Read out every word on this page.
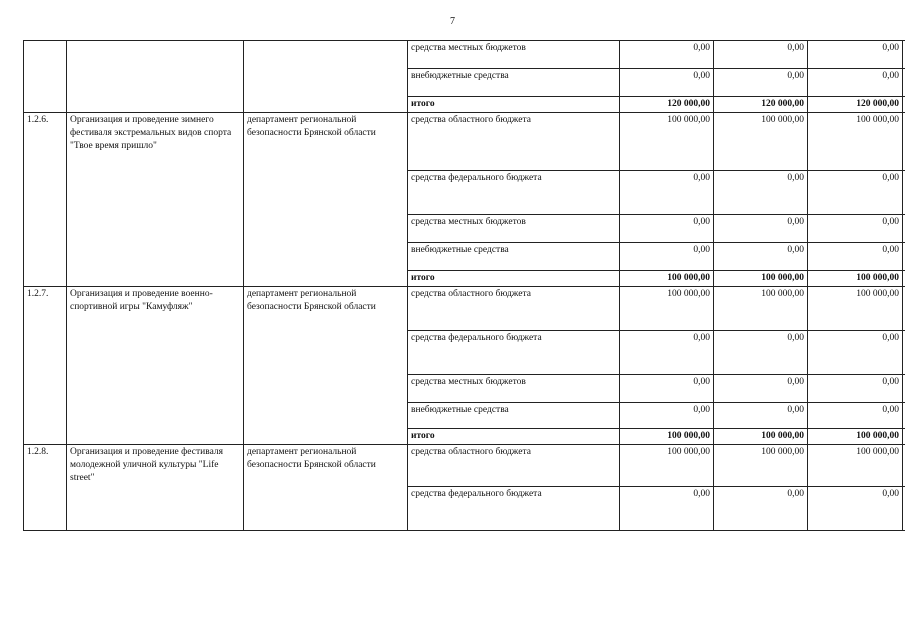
7
			средства местных бюджетов	0,00	0,00	0,00	
			внебюджетные средства	0,00	0,00	0,00	
			итого	120 000,00	120 000,00	120 000,00	
1.2.6.	Организация и проведение зимнего фестиваля экстремальных видов спорта "Твое время пришло"	департамент региональной безопасности Брянской области	средства областного бюджета	100 000,00	100 000,00	100 000,00	
			средства федерального бюджета	0,00	0,00	0,00	
			средства местных бюджетов	0,00	0,00	0,00	
			внебюджетные средства	0,00	0,00	0,00	
			итого	100 000,00	100 000,00	100 000,00	
1.2.7.	Организация и проведение военно-спортивной игры "Камуфляж"	департамент региональной безопасности Брянской области	средства областного бюджета	100 000,00	100 000,00	100 000,00	
			средства федерального бюджета	0,00	0,00	0,00	
			средства местных бюджетов	0,00	0,00	0,00	
			внебюджетные средства	0,00	0,00	0,00	
			итого	100 000,00	100 000,00	100 000,00	
1.2.8.	Организация и проведение фестиваля молодежной уличной культуры "Life street"	департамент региональной безопасности Брянской области	средства областного бюджета	100 000,00	100 000,00	100 000,00	
			средства федерального бюджета	0,00	0,00	0,00	
